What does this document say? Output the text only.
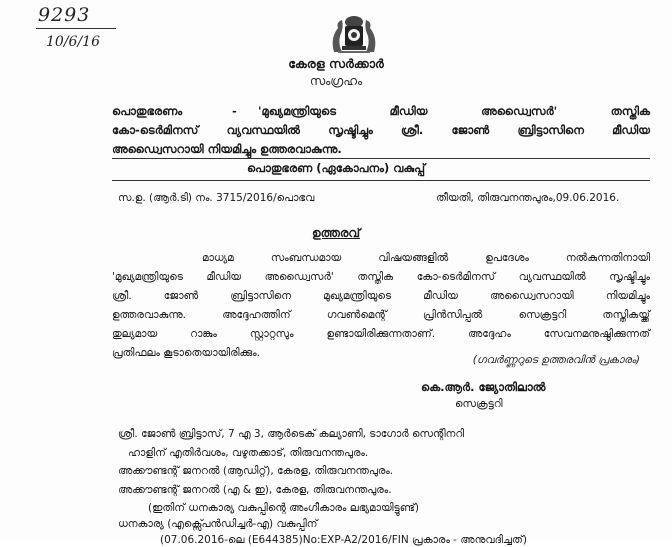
9293
10/6/16
കേരള സർക്കാർ
സംഗ്രഹം
പൊതുഭരണം	- 'മുഖ്യമന്ത്രിയുടെ മീഡിയ അഡ്വൈസർ' തസ്തിക
കോ-ടെർമിനസ് വ്യവസ്ഥയിൽ സൃഷ്ടിച്ചും ശ്രീ. ജോൺ ബ്രിട്ടാസിനെ മീഡിയ
അഡ്വൈസറായി നിയമിച്ചും ഉത്തരവാകുന്നു.
പൊതുഭരണ (ഏകോപനം) വകുപ്പ്
സ.ഉ. (ആർ.ടി) നം. 3715/2016/പൊഭവ	തീയതി, തിരുവനന്തപുരം,09.06.2016.
ഉത്തരവ്
മാധ്യമ സംബന്ധമായ വിഷയങ്ങളിൽ ഉപദേശം നൽകുന്നതിനായി
'മുഖ്യമന്ത്രിയുടെ മീഡിയ അഡ്വൈസർ' തസ്തിക കോ-ടെർമിനസ് വ്യവസ്ഥയിൽ സൃഷ്ടിച്ചും
ശ്രീ. ജോൺ ബ്രിട്ടാസിനെ മുഖ്യമന്ത്രിയുടെ മീഡിയ അഡ്വൈസറായി നിയമിച്ചും
ഉത്തരവാകുന്നു. അദ്ദേഹത്തിന് ഗവൺമെന്റ് പ്രിൻസിപ്പൽ സെക്രട്ടറി തസ്തികയ്ക്ക്
തുല്യമായ റാങ്കും സ്റ്റാറ്റസും ഉണ്ടായിരിക്കുന്നതാണ്. അദ്ദേഹം സേവനമനുഷ്ഠിക്കുന്നത്
പ്രതിഫലം കൂടാതെയായിരിക്കും.
(ഗവർണ്ണറുടെ ഉത്തരവിൻ പ്രകാരം)
കെ.ആർ. ജ്യോതിലാൽ
സെക്രട്ടറി
ശ്രീ. ജോൺ ബ്രിട്ടാസ്, 7 എ 3, ആർടെക് കല്യാണി, ടാഗോർ സെന്റിനറി
ഹാളിന് എതിർവശം, വഴുതക്കാട്, തിരുവനന്തപുരം.
അക്കൗണ്ടന്റ് ജനറൽ (ആഡിറ്റ്), കേരള, തിരുവനന്തപുരം.
അക്കൗണ്ടന്റ് ജനറൽ (എ & ഇ), കേരള, തിരുവനന്തപുരം.
(ഇതിന് ധനകാര്യ വകുപ്പിന്റെ അംഗീകാരം ലഭ്യമായിട്ടുണ്ട്)
ധനകാര്യ (എക്സ്പെൻഡിച്ചർ-എ) വകുപ്പിന്
(07.06.2016-ലെ (E644385)No:EXP-A2/2016/FIN പ്രകാരം - അനുവദിച്ചത്)
